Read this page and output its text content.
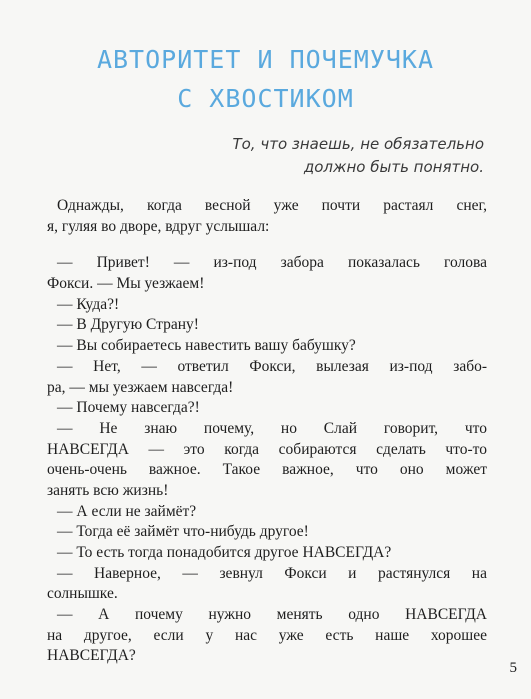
АВТОРИТЕТ И ПОЧЕМУЧКА
С ХВОСТИКОМ
То, что знаешь, не обязательно
должно быть понятно.
Однажды, когда весной уже почти растаял снег,
я, гуляя во дворе, вдруг услышал:
— Привет! — из-под забора показалась голова
Фокси. — Мы уезжаем!
— Куда?!
— В Другую Страну!
— Вы собираетесь навестить вашу бабушку?
— Нет, — ответил Фокси, вылезая из-под забо-
ра, — мы уезжаем навсегда!
— Почему навсегда?!
— Не знаю почему, но Слай говорит, что
НАВСЕГДА — это когда собираются сделать что-то
очень-очень важное. Такое важное, что оно может
занять всю жизнь!
— А если не займёт?
— Тогда её займёт что-нибудь другое!
— То есть тогда понадобится другое НАВСЕГДА?
— Наверное, — зевнул Фокси и растянулся на
солнышке.
— А почему нужно менять одно НАВСЕГДА
на другое, если у нас уже есть наше хорошее
НАВСЕГДА?
5
